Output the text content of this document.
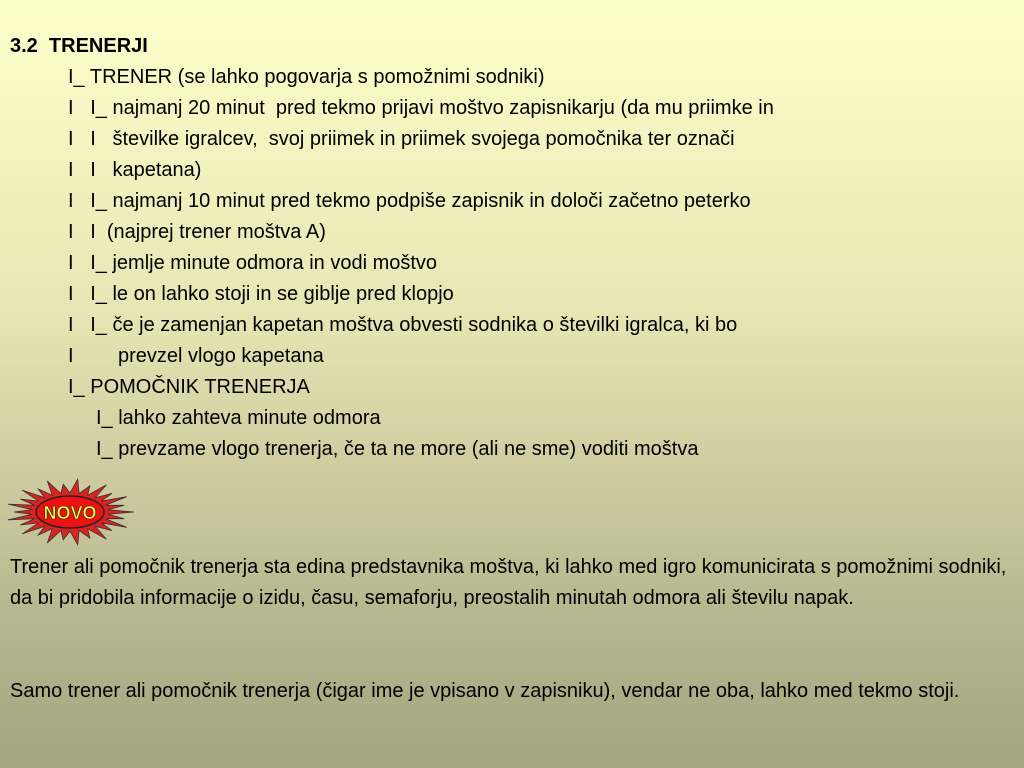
3.2  TRENERJI
I_ TRENER (se lahko pogovarja s pomožnimi sodniki)
I   I_ najmanj 20 minut  pred tekmo prijavi moštvo zapisnikarju (da mu priimke in
I   I   številke igralcev,  svoj priimek in priimek svojega pomočnika ter označi
I   I   kapetana)
I   I_ najmanj 10 minut pred tekmo podpiše zapisnik in določi začetno peterko
I   I  (najprej trener moštva A)
I   I_ jemlje minute odmora in vodi moštvo
I   I_ le on lahko stoji in se giblje pred klopjo
I   I_ če je zamenjan kapetan moštva obvesti sodnika o številki igralca, ki bo
I        prevzel vlogo kapetana
I_ POMOČNIK TRENERJA
I_ lahko zahteva minute odmora
I_ prevzame vlogo trenerja, če ta ne more (ali ne sme) voditi moštva
NOVO
Trener ali pomočnik trenerja sta edina predstavnika moštva, ki lahko med igro komunicirata s pomožnimi sodniki, da bi pridobila informacije o izidu, času, semaforju, preostalih minutah odmora ali številu napak.
Samo trener ali pomočnik trenerja (čigar ime je vpisano v zapisniku), vendar ne oba, lahko med tekmo stoji.
